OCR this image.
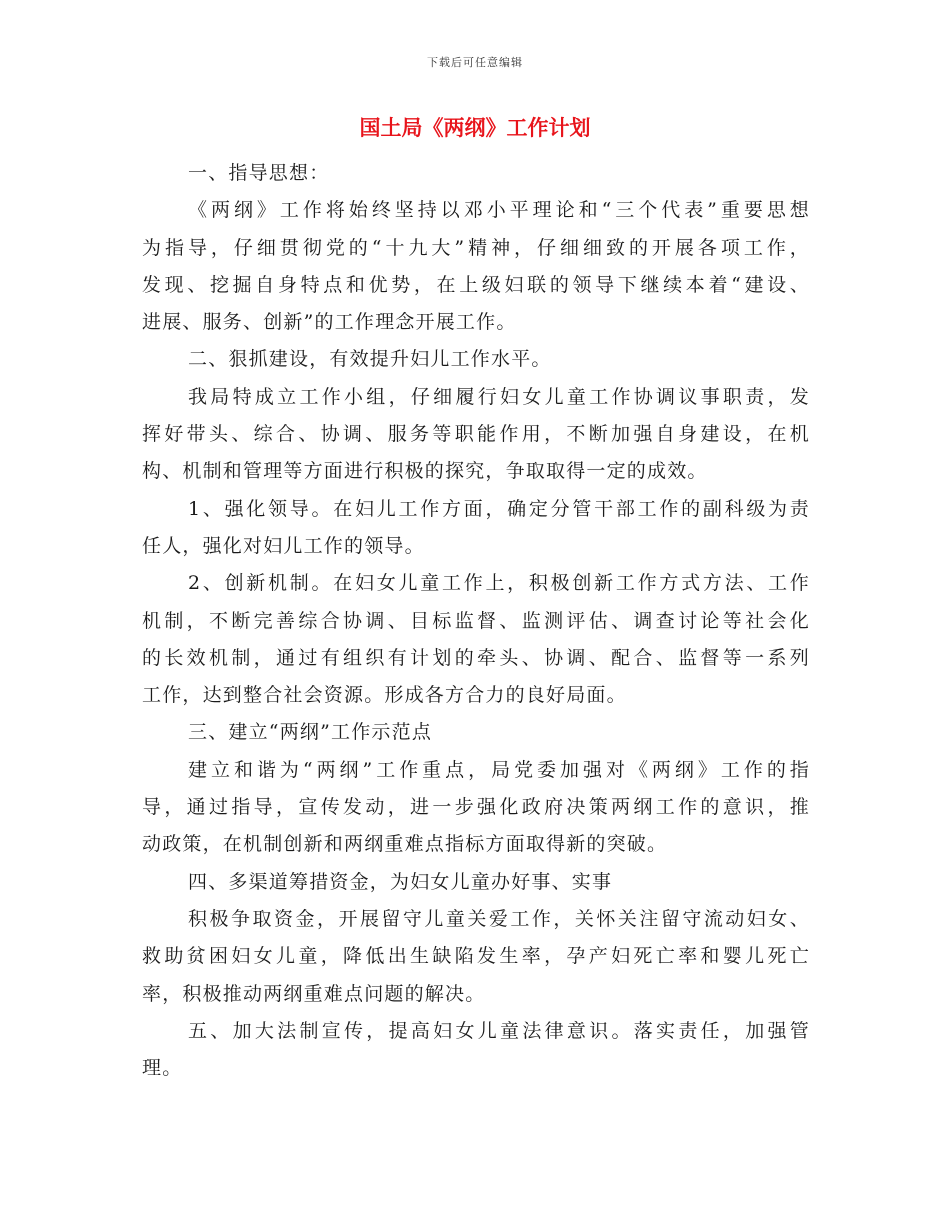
下载后可任意编辑
国土局《两纲》工作计划
一、指导思想：
《两纲》工作将始终坚持以邓小平理论和“三个代表”重要思想
为指导，仔细贯彻党的“十九大”精神，仔细细致的开展各项工作，
发现、挖掘自身特点和优势，在上级妇联的领导下继续本着“建设、
进展、服务、创新”的工作理念开展工作。
二、狠抓建设，有效提升妇儿工作水平。
我局特成立工作小组，仔细履行妇女儿童工作协调议事职责，发
挥好带头、综合、协调、服务等职能作用，不断加强自身建设，在机
构、机制和管理等方面进行积极的探究，争取取得一定的成效。
1、强化领导。在妇儿工作方面，确定分管干部工作的副科级为责
任人，强化对妇儿工作的领导。
2、创新机制。在妇女儿童工作上，积极创新工作方式方法、工作
机制，不断完善综合协调、目标监督、监测评估、调查讨论等社会化
的长效机制，通过有组织有计划的牵头、协调、配合、监督等一系列
工作，达到整合社会资源。形成各方合力的良好局面。
三、建立“两纲”工作示范点
建立和谐为“两纲”工作重点，局党委加强对《两纲》工作的指
导，通过指导，宣传发动，进一步强化政府决策两纲工作的意识，推
动政策，在机制创新和两纲重难点指标方面取得新的突破。
四、多渠道筹措资金，为妇女儿童办好事、实事
积极争取资金，开展留守儿童关爱工作，关怀关注留守流动妇女、
救助贫困妇女儿童，降低出生缺陷发生率，孕产妇死亡率和婴儿死亡
率，积极推动两纲重难点问题的解决。
五、加大法制宣传，提高妇女儿童法律意识。落实责任，加强管
理。
